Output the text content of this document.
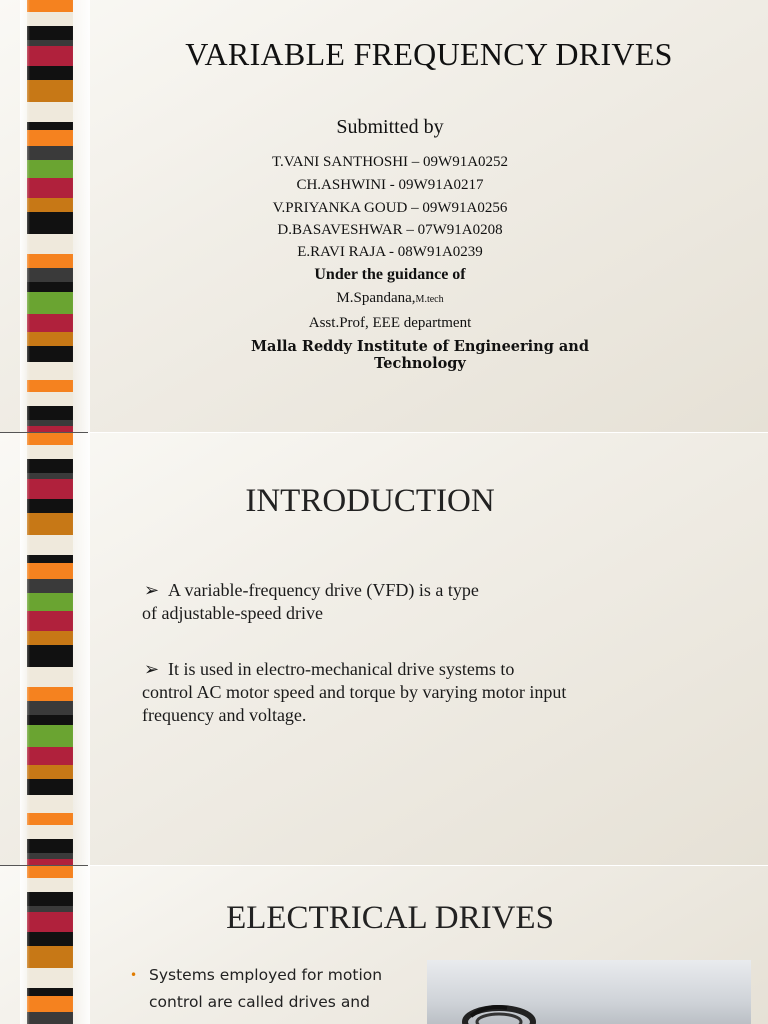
VARIABLE FREQUENCY DRIVES
Submitted by
T.VANI SANTHOSHI – 09W91A0252
CH.ASHWINI - 09W91A0217
V.PRIYANKA GOUD – 09W91A0256
D.BASAVESHWAR – 07W91A0208
E.RAVI RAJA - 08W91A0239
Under the guidance of
M.Spandana,M.tech
Asst.Prof, EEE department
Malla Reddy Institute of Engineering and Technology
INTRODUCTION
➢ A variable-frequency drive (VFD) is a type
of adjustable-speed drive
➢ It is used in electro-mechanical drive systems to
control AC motor speed and torque by varying motor input
frequency and voltage.
ELECTRICAL DRIVES
• Systems employed for motion
control are called drives and
